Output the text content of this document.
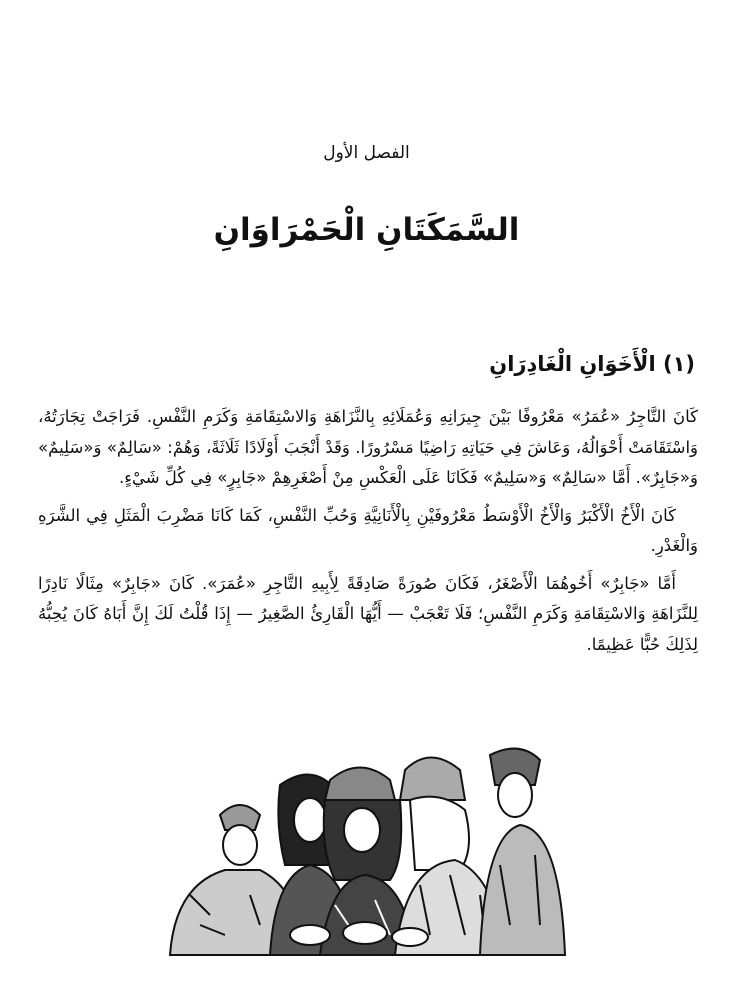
الفصل الأول
السَّمَكَتَانِ الْحَمْرَاوَانِ
(١) الْأَخَوَانِ الْغَادِرَانِ

كَانَ التَّاجِرُ «عُمَرُ» مَعْرُوفًا بَيْنَ جِيرَانِهِ وَعُمَلَائِهِ بِالنَّزَاهَةِ وَالاسْتِقَامَةِ وَكَرَمِ النَّفْسِ. فَرَاجَتْ تِجَارَتُهُ، وَاسْتَقَامَتْ أَحْوَالُهُ، وَعَاشَ فِي حَيَاتِهِ رَاضِيًا مَسْرُورًا. وَقَدْ أَنْجَبَ أَوْلَادًا ثَلَاثَةً، وَهُمْ: «سَالِمٌ» وَ«سَلِيمٌ» وَ«جَابِرٌ». أَمَّا «سَالِمٌ» وَ«سَلِيمٌ» فَكَانَا عَلَى الْعَكْسِ مِنْ أَصْغَرِهِمْ «جَابِرٍ» فِي كُلِّ شَيْءٍ.

كَانَ الْأَخُ الْأَكْبَرُ وَالْأَخُ الْأَوْسَطُ مَعْرُوفَيْنِ بِالْأَنَانِيَّةِ وَحُبِّ النَّفْسِ، كَمَا كَانَا مَضْرِبَ الْمَثَلِ فِي الشَّرَهِ وَالْغَدْرِ.

أَمَّا «جَابِرٌ» أَخُوهُمَا الْأَصْغَرُ، فَكَانَ صُورَةً صَادِقَةً لِأَبِيهِ التَّاجِرِ «عُمَرَ». كَانَ «جَابِرٌ» مِثَالًا نَادِرًا لِلنَّزَاهَةِ وَالاسْتِقَامَةِ وَكَرَمِ النَّفْسِ؛ فَلَا تَعْجَبْ — أَيُّهَا الْقَارِئُ الصَّغِيرُ — إِذَا قُلْتُ لَكَ إِنَّ أَبَاهُ كَانَ يُحِبُّهُ لِذَلِكَ حُبًّا عَظِيمًا.
